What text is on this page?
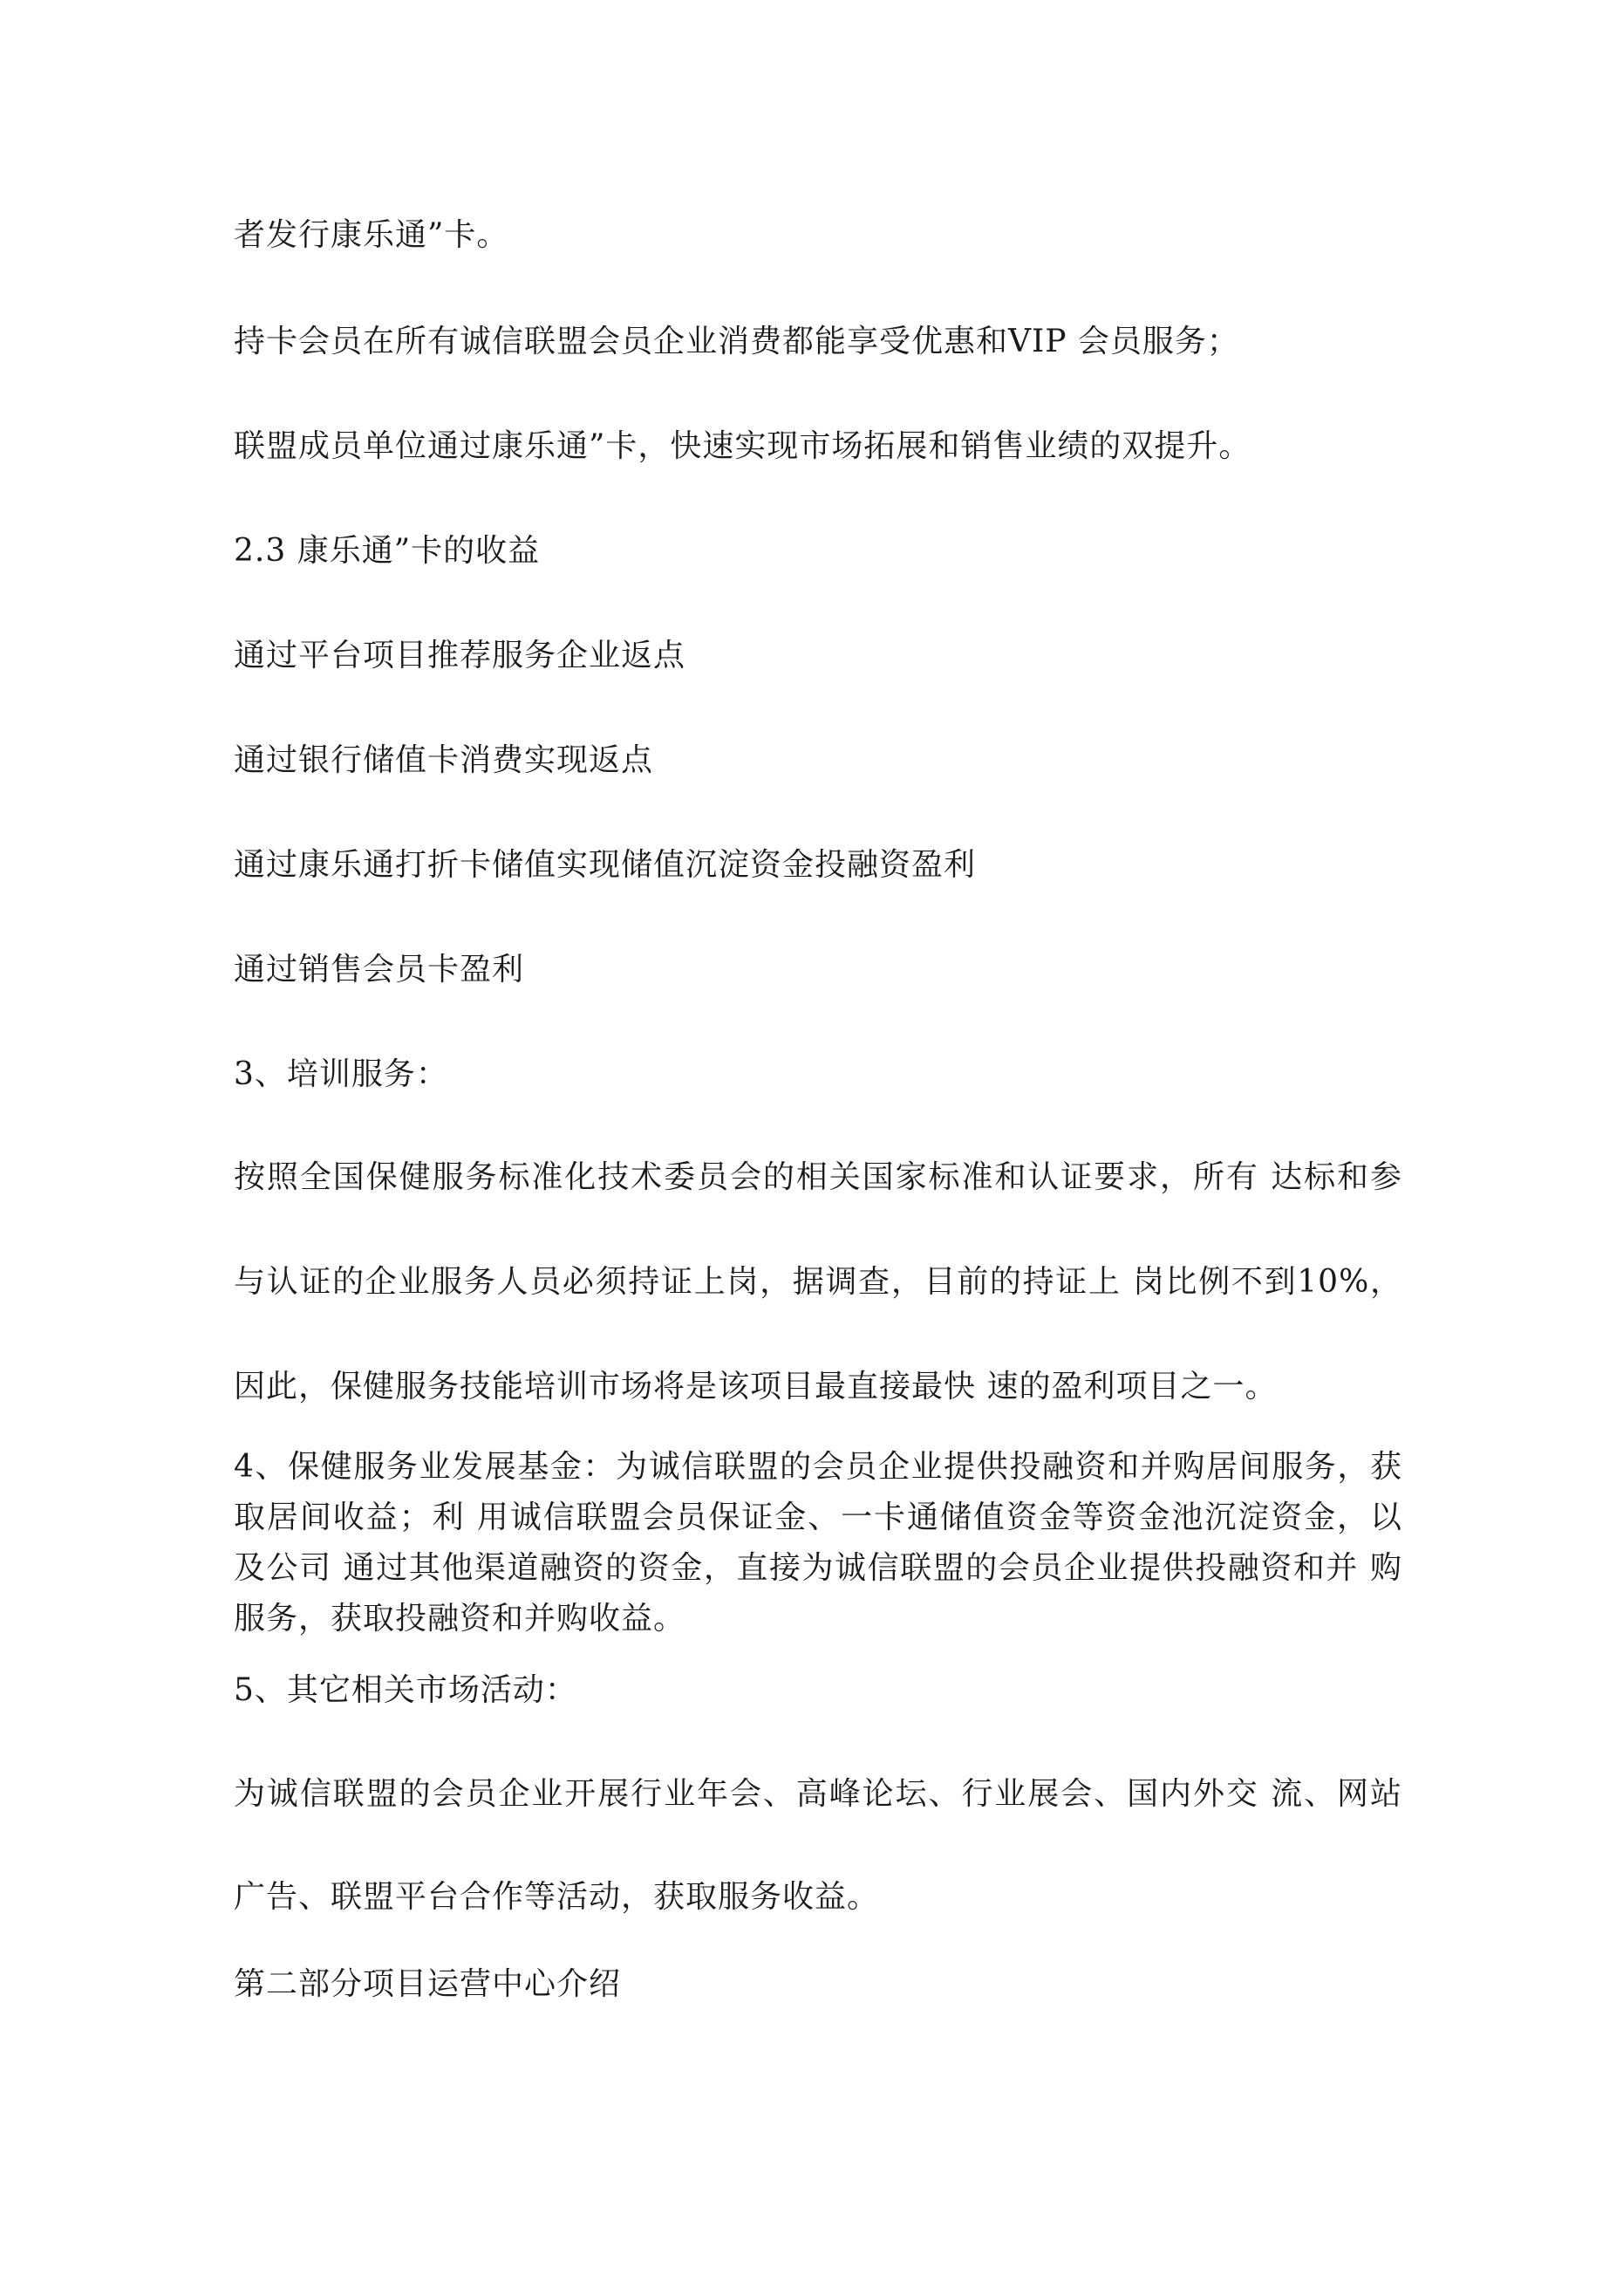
者发行康乐通”卡。
持卡会员在所有诚信联盟会员企业消费都能享受优惠和VIP 会员服务；
联盟成员单位通过康乐通”卡，快速实现市场拓展和销售业绩的双提升。
2.3 康乐通”卡的收益
通过平台项目推荐服务企业返点
通过银行储值卡消费实现返点
通过康乐通打折卡储值实现储值沉淀资金投融资盈利
通过销售会员卡盈利
3、培训服务：
按照全国保健服务标准化技术委员会的相关国家标准和认证要求，所有 达标和参与认证的企业服务人员必须持证上岗，据调查，目前的持证上 岗比例不到10%，因此，保健服务技能培训市场将是该项目最直接最快 速的盈利项目之一。
4、保健服务业发展基金：为诚信联盟的会员企业提供投融资和并购居间服务，获取居间收益；利 用诚信联盟会员保证金、一卡通储值资金等资金池沉淀资金，以及公司 通过其他渠道融资的资金，直接为诚信联盟的会员企业提供投融资和并 购服务，获取投融资和并购收益。
5、其它相关市场活动：
为诚信联盟的会员企业开展行业年会、高峰论坛、行业展会、国内外交 流、网站广告、联盟平台合作等活动，获取服务收益。
第二部分项目运营中心介绍
